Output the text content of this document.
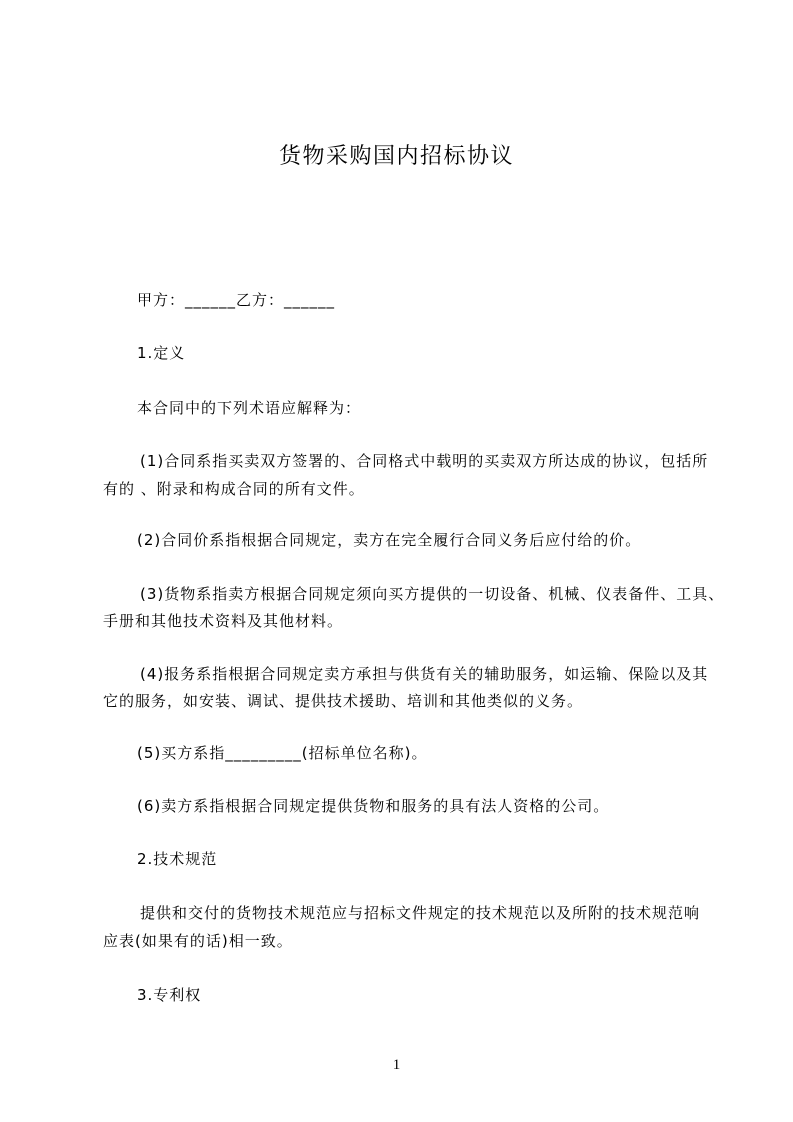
货物采购国内招标协议
甲方：______乙方：______
1.定义
本合同中的下列术语应解释为：
(1)合同系指买卖双方签署的、合同格式中载明的买卖双方所达成的协议，包括所
有的 、附录和构成合同的所有文件。
(2)合同价系指根据合同规定，卖方在完全履行合同义务后应付给的价。
(3)货物系指卖方根据合同规定须向买方提供的一切设备、机械、仪表备件、工具、
手册和其他技术资料及其他材料。
(4)报务系指根据合同规定卖方承担与供货有关的辅助服务，如运输、保险以及其
它的服务，如安装、调试、提供技术援助、培训和其他类似的义务。
(5)买方系指_________(招标单位名称)。
(6)卖方系指根据合同规定提供货物和服务的具有法人资格的公司。
2.技术规范
提供和交付的货物技术规范应与招标文件规定的技术规范以及所附的技术规范响
应表(如果有的话)相一致。
3.专利权
1
